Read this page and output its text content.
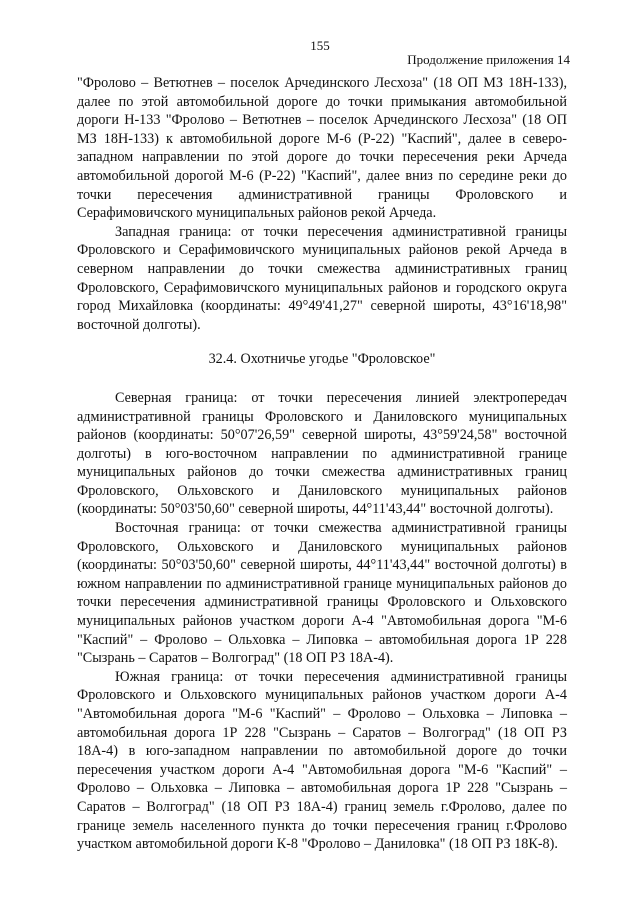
155
Продолжение приложения 14

"Фролово – Ветютнев – поселок Арчединского Лесхоза" (18 ОП МЗ 18Н-133), далее по этой автомобильной дороге до точки примыкания автомобильной дороги Н-133 "Фролово – Ветютнев – поселок Арчединского Лесхоза" (18 ОП МЗ 18Н-133) к автомобильной дороге М-6 (Р-22) "Каспий", далее в северо-западном направлении по этой дороге до точки пересечения реки Арчеда автомобильной дорогой М-6 (Р-22) "Каспий", далее вниз по середине реки до точки пересечения административной границы Фроловского и Серафимовичского муниципальных районов рекой Арчеда.

Западная граница: от точки пересечения административной границы Фроловского и Серафимовичского муниципальных районов рекой Арчеда в северном направлении до точки смежества административных границ Фроловского, Серафимовичского муниципальных районов и городского округа город Михайловка (координаты: 49°49'41,27" северной широты, 43°16'18,98" восточной долготы).

32.4. Охотничье угодье "Фроловское"

Северная граница: от точки пересечения линией электропередач административной границы Фроловского и Даниловского муниципальных районов (координаты: 50°07'26,59" северной широты, 43°59'24,58" восточной долготы) в юго-восточном направлении по административной границе муниципальных районов до точки смежества административных границ Фроловского, Ольховского и Даниловского муниципальных районов (координаты: 50°03'50,60" северной широты, 44°11'43,44" восточной долготы).

Восточная граница: от точки смежества административной границы Фроловского, Ольховского и Даниловского муниципальных районов (координаты: 50°03'50,60" северной широты, 44°11'43,44" восточной долготы) в южном направлении по административной границе муниципальных районов до точки пересечения административной границы Фроловского и Ольховского муниципальных районов участком дороги А-4 "Автомобильная дорога "М-6 "Каспий" – Фролово – Ольховка – Липовка – автомобильная дорога 1Р 228 "Сызрань – Саратов – Волгоград" (18 ОП РЗ 18А-4).

Южная граница: от точки пересечения административной границы Фроловского и Ольховского муниципальных районов участком дороги А-4 "Автомобильная дорога "М-6 "Каспий" – Фролово – Ольховка – Липовка – автомобильная дорога 1Р 228 "Сызрань – Саратов – Волгоград" (18 ОП РЗ 18А-4) в юго-западном направлении по автомобильной дороге до точки пересечения участком дороги А-4 "Автомобильная дорога "М-6 "Каспий" – Фролово – Ольховка – Липовка – автомобильная дорога 1Р 228 "Сызрань – Саратов – Волгоград" (18 ОП РЗ 18А-4) границ земель г.Фролово, далее по границе земель населенного пункта до точки пересечения границ г.Фролово участком автомобильной дороги К-8 "Фролово – Даниловка" (18 ОП РЗ 18К-8).
